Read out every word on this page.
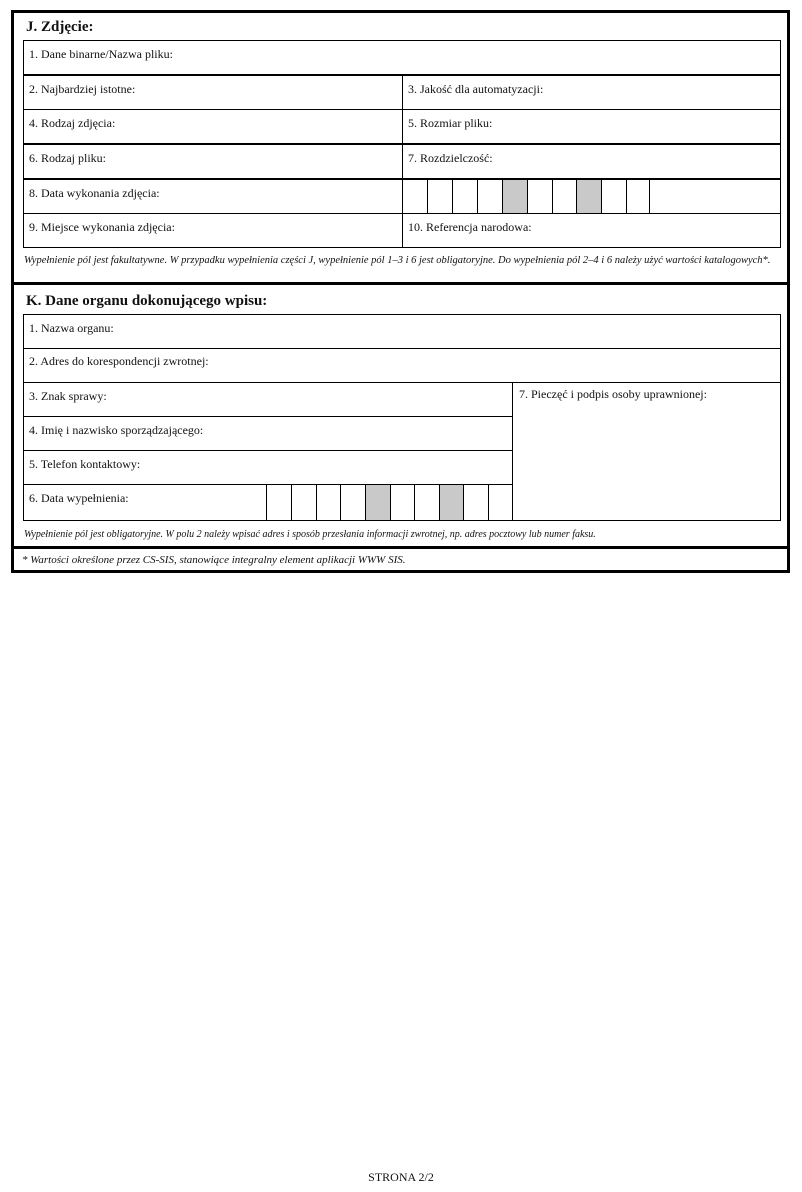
J. Zdjęcie:
1. Dane binarne/Nazwa pliku:
2. Najbardziej istotne:	3. Jakość dla automatyzacji:
4. Rodzaj zdjęcia:	5. Rozmiar pliku:
6. Rodzaj pliku:	7. Rozdzielczość:
8. Data wykonania zdjęcia:
9. Miejsce wykonania zdjęcia:	10. Referencja narodowa:
Wypełnienie pól jest fakultatywne. W przypadku wypełnienia części J, wypełnienie pól 1–3 i 6 jest obligatoryjne. Do wypełnienia pól 2–4 i 6 należy użyć wartości katalogowych*.
K. Dane organu dokonującego wpisu:
1. Nazwa organu:
2. Adres do korespondencji zwrotnej:
3. Znak sprawy:
4. Imię i nazwisko sporządzającego:
5. Telefon kontaktowy:
6. Data wypełnienia:
7. Pieczęć i podpis osoby uprawnionej:
Wypełnienie pól jest obligatoryjne. W polu 2 należy wpisać adres i sposób przesłania informacji zwrotnej, np. adres pocztowy lub numer faksu.
* Wartości określone przez CS-SIS, stanowiące integralny element aplikacji WWW SIS.
STRONA 2/2
